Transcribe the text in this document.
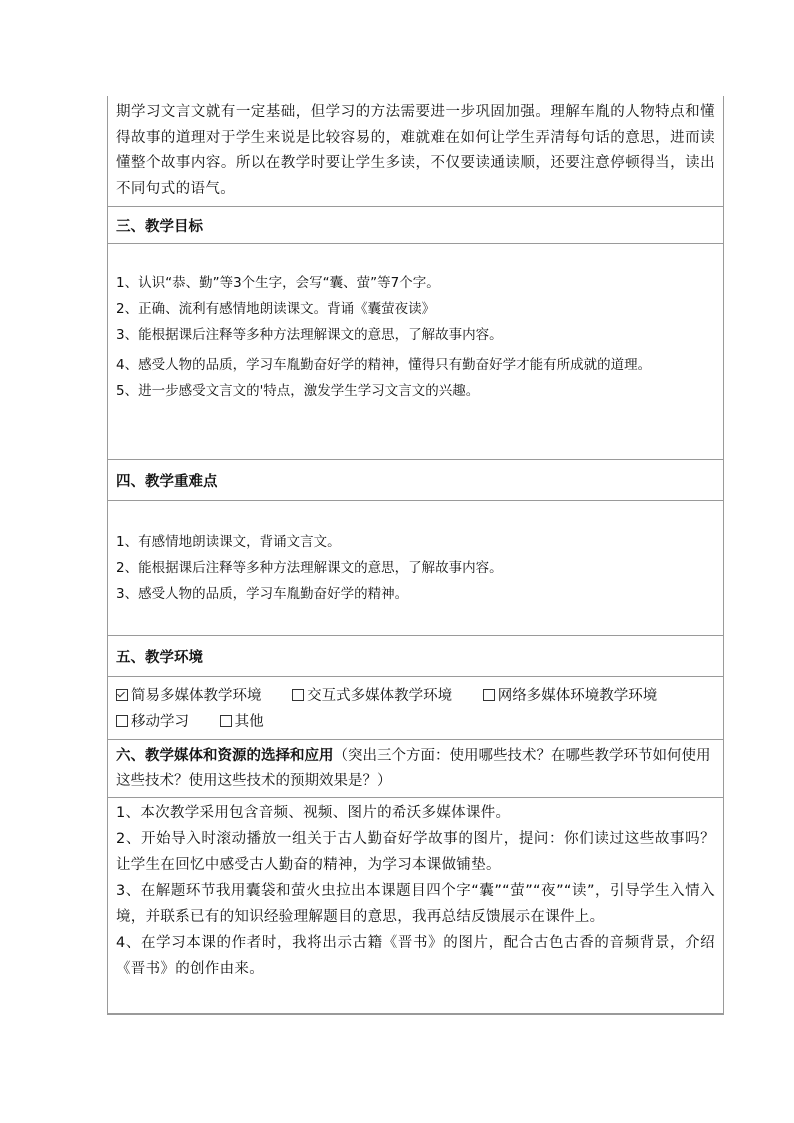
期学习文言文就有一定基础，但学习的方法需要进一步巩固加强。理解车胤的人物特点和懂得故事的道理对于学生来说是比较容易的，难就难在如何让学生弄清每句话的意思，进而读懂整个故事内容。所以在教学时要让学生多读，不仅要读通读顺，还要注意停顿得当，读出不同句式的语气。
三、教学目标
1、认识“恭、勤”等3个生字，会写“囊、萤”等7个字。
2、正确、流利有感情地朗读课文。背诵《囊萤夜读》
3、能根据课后注释等多种方法理解课文的意思，了解故事内容。
4、感受人物的品质，学习车胤勤奋好学的精神，懂得只有勤奋好学才能有所成就的道理。
5、进一步感受文言文的'特点，激发学生学习文言文的兴趣。
四、教学重难点
1、有感情地朗读课文，背诵文言文。
2、能根据课后注释等多种方法理解课文的意思，了解故事内容。
3、感受人物的品质，学习车胤勤奋好学的精神。
五、教学环境
简易多媒体教学环境	交互式多媒体教学环境	网络多媒体环境教学环境
移动学习	其他
六、教学媒体和资源的选择和应用（突出三个方面：使用哪些技术？在哪些教学环节如何使用这些技术？使用这些技术的预期效果是？）
1、本次教学采用包含音频、视频、图片的希沃多媒体课件。
2、开始导入时滚动播放一组关于古人勤奋好学故事的图片，提问：你们读过这些故事吗？让学生在回忆中感受古人勤奋的精神，为学习本课做铺垫。
3、在解题环节我用囊袋和萤火虫拉出本课题目四个字“囊”“萤”“夜”“读”，引导学生入情入境，并联系已有的知识经验理解题目的意思，我再总结反馈展示在课件上。
4、在学习本课的作者时，我将出示古籍《晋书》的图片，配合古色古香的音频背景，介绍《晋书》的创作由来。
